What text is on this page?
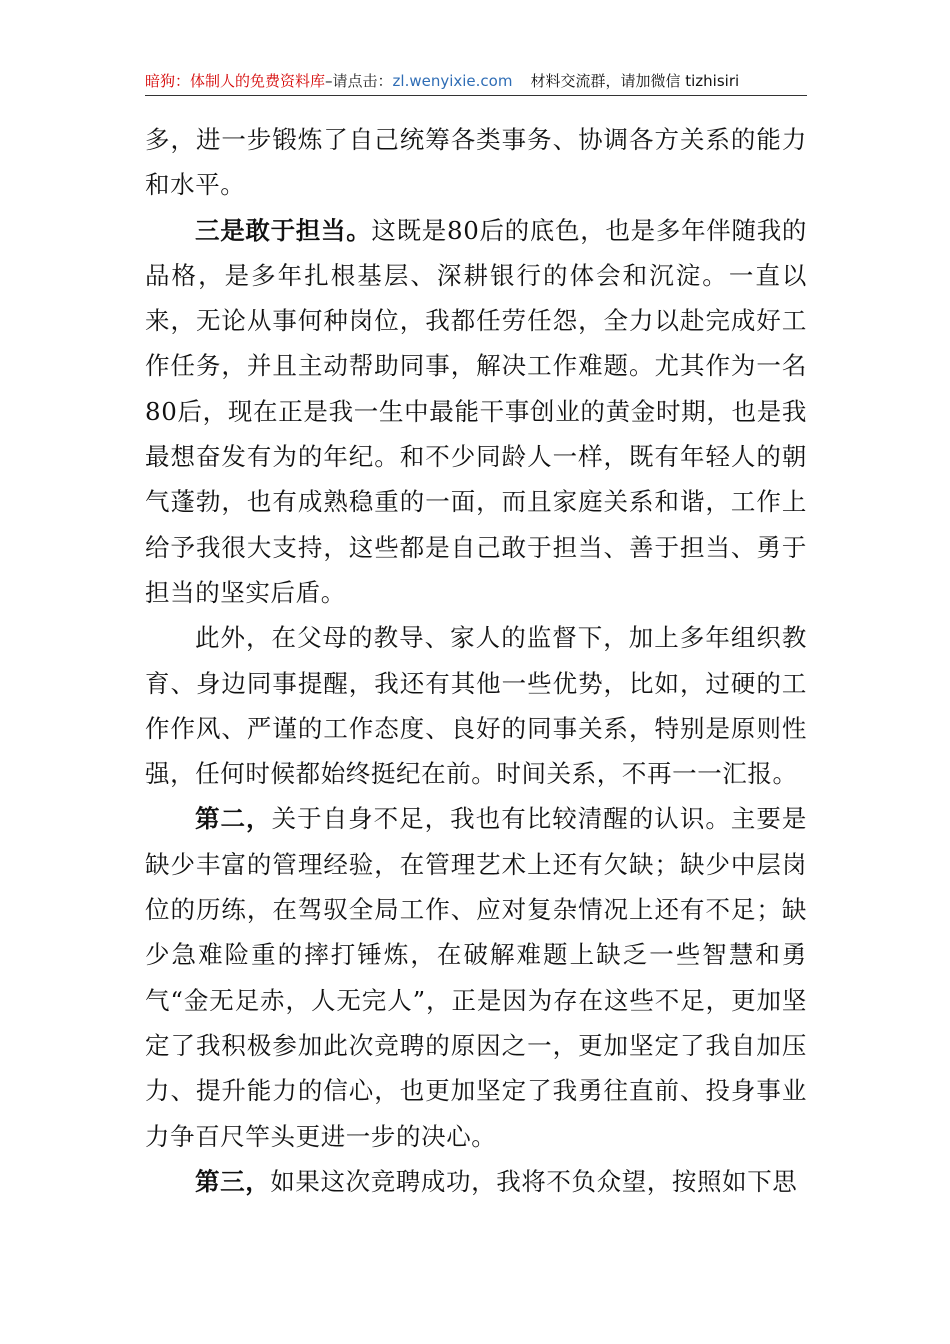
暗狗：体制人的免费资料库–请点击：zl.wenyixie.com 材料交流群，请加微信 tizhisiri

多，进一步锻炼了自己统筹各类事务、协调各方关系的能力和水平。

三是敢于担当。这既是80后的底色，也是多年伴随我的品格，是多年扎根基层、深耕银行的体会和沉淀。一直以来，无论从事何种岗位，我都任劳任怨，全力以赴完成好工作任务，并且主动帮助同事，解决工作难题。尤其作为一名80后，现在正是我一生中最能干事创业的黄金时期，也是我最想奋发有为的年纪。和不少同龄人一样，既有年轻人的朝气蓬勃，也有成熟稳重的一面，而且家庭关系和谐，工作上给予我很大支持，这些都是自己敢于担当、善于担当、勇于担当的坚实后盾。

此外，在父母的教导、家人的监督下，加上多年组织教育、身边同事提醒，我还有其他一些优势，比如，过硬的工作作风、严谨的工作态度、良好的同事关系，特别是原则性强，任何时候都始终挺纪在前。时间关系，不再一一汇报。

第二，关于自身不足，我也有比较清醒的认识。主要是缺少丰富的管理经验，在管理艺术上还有欠缺；缺少中层岗位的历练，在驾驭全局工作、应对复杂情况上还有不足；缺少急难险重的摔打锤炼，在破解难题上缺乏一些智慧和勇气“金无足赤，人无完人”，正是因为存在这些不足，更加坚定了我积极参加此次竞聘的原因之一，更加坚定了我自加压力、提升能力的信心，也更加坚定了我勇往直前、投身事业力争百尺竿头更进一步的决心。

第三，如果这次竞聘成功，我将不负众望，按照如下思
